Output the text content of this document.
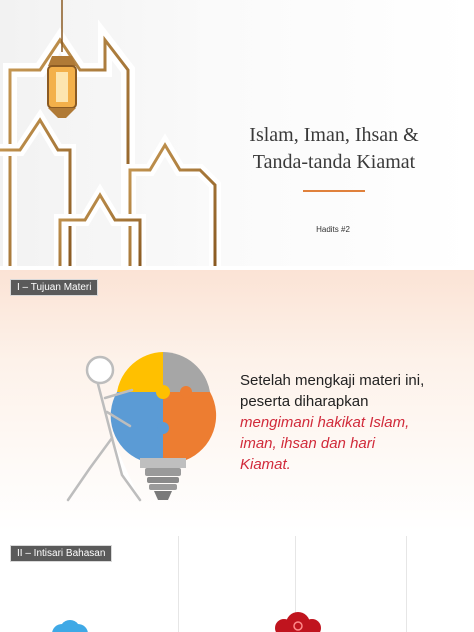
Islam, Iman, Ihsan & Tanda-tanda Kiamat
Hadits #2
I – Tujuan Materi
Setelah mengkaji materi ini, peserta diharapkan mengimani hakikat Islam, iman, ihsan dan hari Kiamat.
II – Intisari Bahasan
